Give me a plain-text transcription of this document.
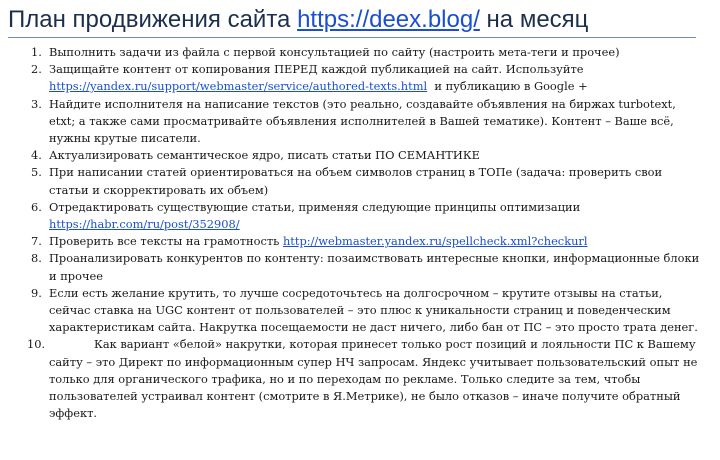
План продвижения сайта https://deex.blog/ на месяц
1. Выполнить задачи из файла с первой консультацией по сайту (настроить мета-теги и прочее)
2. Защищайте контент от копирования ПЕРЕД каждой публикацией на сайт. Используйте https://yandex.ru/support/webmaster/service/authored-texts.html  и публикацию в Google +
3. Найдите исполнителя на написание текстов (это реально, создавайте объявления на биржах turbotext, etxt; а также сами просматривайте объявления исполнителей в Вашей тематике). Контент – Ваше всё, нужны крутые писатели.
4. Актуализировать семантическое ядро, писать статьи ПО СЕМАНТИКЕ
5. При написании статей ориентироваться на объем символов страниц в ТОПе (задача: проверить свои статьи и скорректировать их объем)
6. Отредактировать существующие статьи, применяя следующие принципы оптимизации https://habr.com/ru/post/352908/
7. Проверить все тексты на грамотность http://webmaster.yandex.ru/spellcheck.xml?checkurl
8. Проанализировать конкурентов по контенту: позаимствовать интересные кнопки, информационные блоки и прочее
9. Если есть желание крутить, то лучше сосредоточьтесь на долгосрочном – крутите отзывы на статьи, сейчас ставка на UGC контент от пользователей – это плюс к уникальности страниц и поведенческим характеристикам сайта. Накрутка посещаемости не даст ничего, либо бан от ПС – это просто трата денег.
10.	Как вариант «белой» накрутки, которая принесет только рост позиций и лояльности ПС к Вашему сайту – это Директ по информационным супер НЧ запросам. Яндекс учитывает пользовательский опыт не только для органического трафика, но и по переходам по рекламе. Только следите за тем, чтобы пользователей устраивал контент (смотрите в Я.Метрике), не было отказов – иначе получите обратный эффект.
